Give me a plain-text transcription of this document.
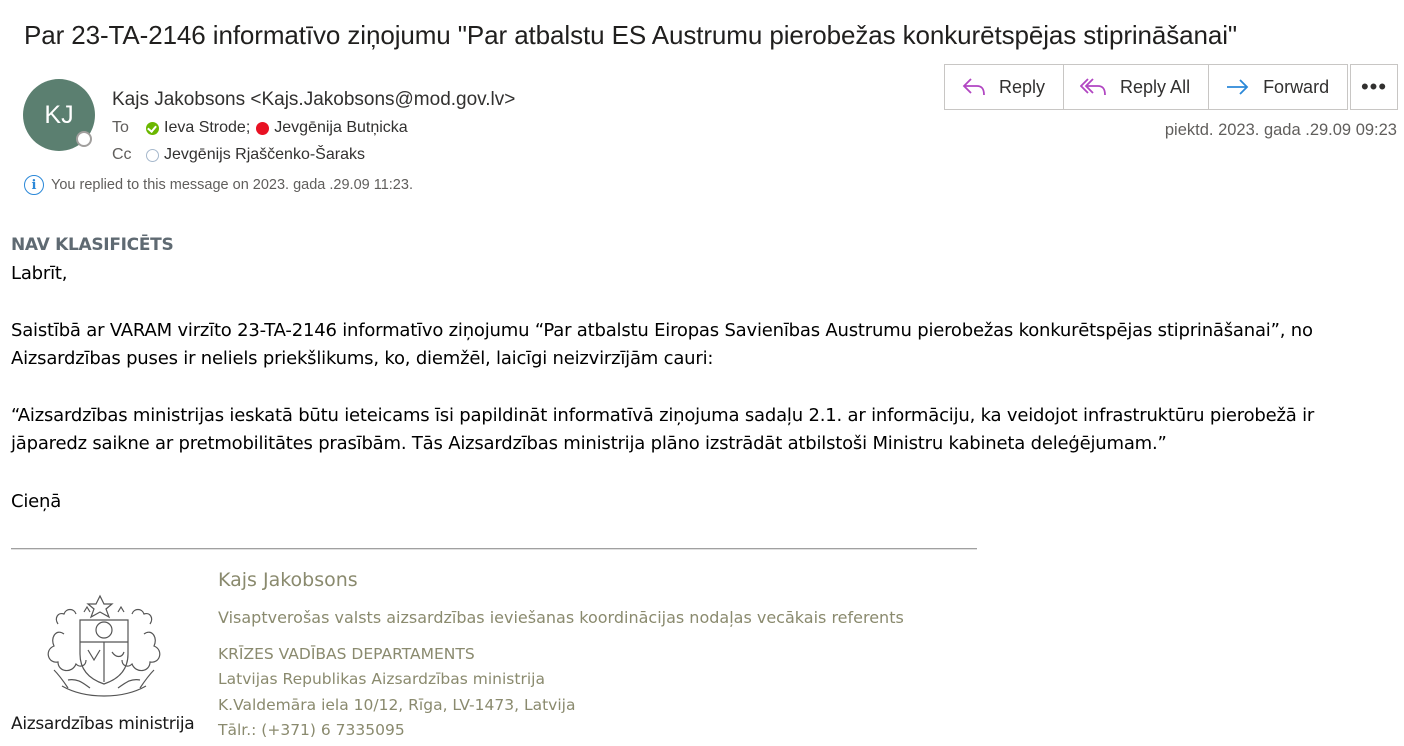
Par 23-TA-2146 informatīvo ziņojumu "Par atbalstu ES Austrumu pierobežas konkurētspējas stiprināšanai"
KJ
Kajs Jakobsons <Kajs.Jakobsons@mod.gov.lv>
To	Ieva Strode ; Jevgēnija Butņicka
Cc	Jevgēnijs Rjaščenko-Šaraks
i	You replied to this message on 2023. gada .29.09 11:23.
Reply	Reply All	Forward	•••
piektd. 2023. gada .29.09 09:23
NAV KLASIFICĒTS
Labrīt,
Saistībā ar VARAM virzīto 23-TA-2146 informatīvo ziņojumu “Par atbalstu Eiropas Savienības Austrumu pierobežas konkurētspējas stiprināšanai”, no
Aizsardzības puses ir neliels priekšlikums, ko, diemžēl, laicīgi neizvirzījām cauri:
“Aizsardzības ministrijas ieskatā būtu ieteicams īsi papildināt informatīvā ziņojuma sadaļu 2.1. ar informāciju, ka veidojot infrastruktūru pierobežā ir
jāparedz saikne ar pretmobilitātes prasībām. Tās Aizsardzības ministrija plāno izstrādāt atbilstoši Ministru kabineta deleģējumam.”
Cieņā
Aizsardzības ministrija
Kajs Jakobsons
Visaptverošas valsts aizsardzības ieviešanas koordinācijas nodaļas vecākais referents
KRĪZES VADĪBAS DEPARTAMENTS
Latvijas Republikas Aizsardzības ministrija
K.Valdemāra iela 10/12, Rīga, LV-1473, Latvija
Tālr.: (+371) 6 7335095
